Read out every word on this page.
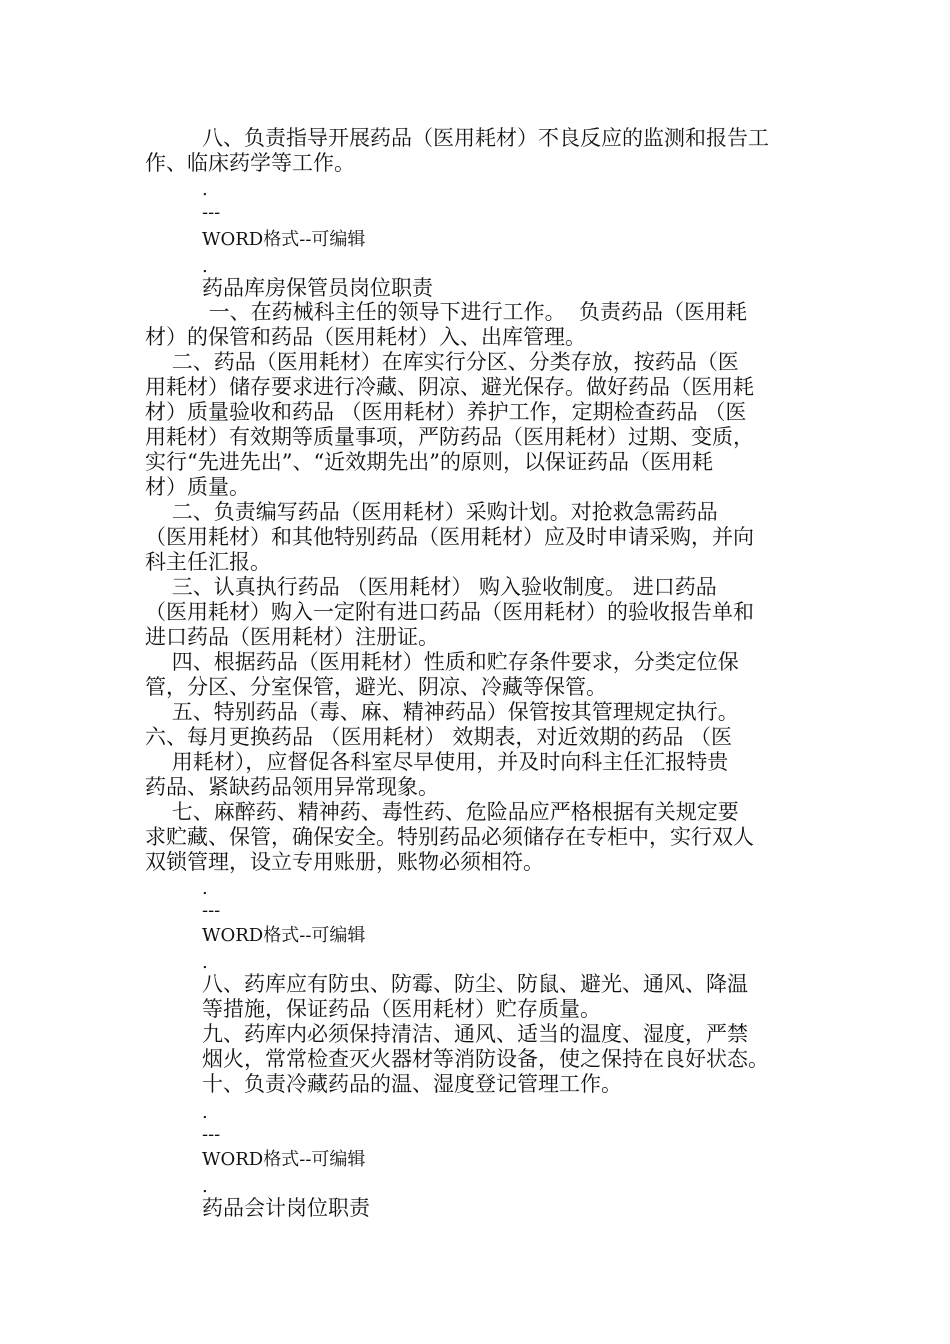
八、负责指导开展药品（医用耗材）不良反应的监测和报告工

作、临床药学等工作。

.

---

WORD格式--可编辑

.

药品库房保管员岗位职责

一、在药械科主任的领导下进行工作。  负责药品（医用耗

材）的保管和药品（医用耗材）入、出库管理。

二、药品（医用耗材）在库实行分区、分类存放，按药品（医

用耗材）储存要求进行冷藏、阴凉、避光保存。做好药品（医用耗

材）质量验收和药品 （医用耗材）养护工作，定期检查药品 （医

用耗材）有效期等质量事项，严防药品（医用耗材）过期、变质，

实行“先进先出”、“近效期先出”的原则，以保证药品（医用耗

材）质量。

二、负责编写药品（医用耗材）采购计划。对抢救急需药品

（医用耗材）和其他特别药品（医用耗材）应及时申请采购，并向

科主任汇报。

三、认真执行药品 （医用耗材） 购入验收制度。 进口药品

（医用耗材）购入一定附有进口药品（医用耗材）的验收报告单和

进口药品（医用耗材）注册证。

四、根据药品（医用耗材）性质和贮存条件要求，分类定位保

管，分区、分室保管，避光、阴凉、冷藏等保管。

五、特别药品（毒、麻、精神药品）保管按其管理规定执行。

六、每月更换药品 （医用耗材） 效期表，对近效期的药品 （医

用耗材），应督促各科室尽早使用，并及时向科主任汇报特贵

药品、紧缺药品领用异常现象。

七、麻醉药、精神药、毒性药、危险品应严格根据有关规定要

求贮藏、保管，确保安全。特别药品必须储存在专柜中，实行双人

双锁管理，设立专用账册，账物必须相符。

.

---

WORD格式--可编辑

.

八、药库应有防虫、防霉、防尘、防鼠、避光、通风、降温

等措施，保证药品（医用耗材）贮存质量。

九、药库内必须保持清洁、通风、适当的温度、湿度，严禁

烟火，常常检查灭火器材等消防设备，使之保持在良好状态。

十、负责冷藏药品的温、湿度登记管理工作。

.

---

WORD格式--可编辑

.

药品会计岗位职责
